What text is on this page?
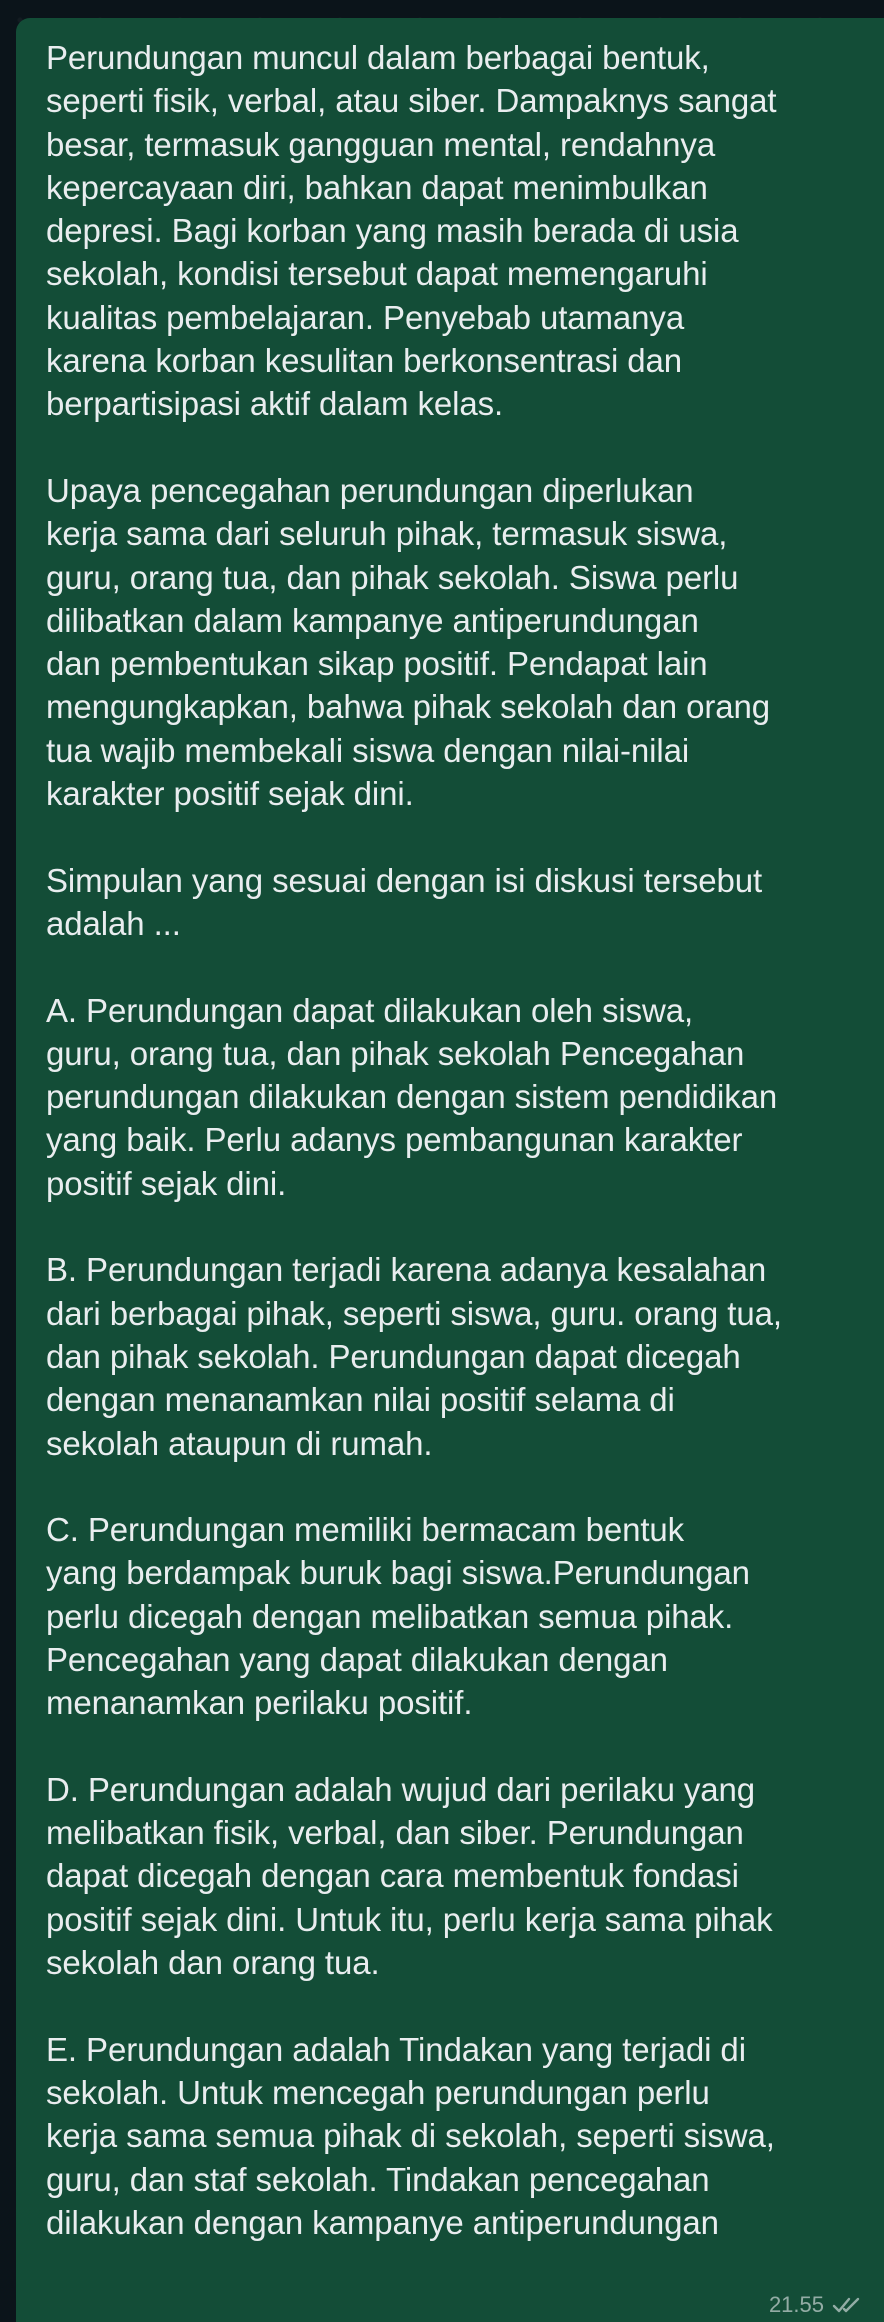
Perundungan muncul dalam berbagai bentuk,
seperti fisik, verbal, atau siber. Dampaknys sangat
besar, termasuk gangguan mental, rendahnya
kepercayaan diri, bahkan dapat menimbulkan
depresi. Bagi korban yang masih berada di usia
sekolah, kondisi tersebut dapat memengaruhi
kualitas pembelajaran. Penyebab utamanya
karena korban kesulitan berkonsentrasi dan
berpartisipasi aktif dalam kelas.

Upaya pencegahan perundungan diperlukan
kerja sama dari seluruh pihak, termasuk siswa,
guru, orang tua, dan pihak sekolah. Siswa perlu
dilibatkan dalam kampanye antiperundungan
dan pembentukan sikap positif. Pendapat lain
mengungkapkan, bahwa pihak sekolah dan orang
tua wajib membekali siswa dengan nilai-nilai
karakter positif sejak dini.

Simpulan yang sesuai dengan isi diskusi tersebut
adalah ...

A. Perundungan dapat dilakukan oleh siswa,
guru, orang tua, dan pihak sekolah Pencegahan
perundungan dilakukan dengan sistem pendidikan
yang baik. Perlu adanys pembangunan karakter
positif sejak dini.

B. Perundungan terjadi karena adanya kesalahan
dari berbagai pihak, seperti siswa, guru. orang tua,
dan pihak sekolah. Perundungan dapat dicegah
dengan menanamkan nilai positif selama di
sekolah ataupun di rumah.

C. Perundungan memiliki bermacam bentuk
yang berdampak buruk bagi siswa.Perundungan
perlu dicegah dengan melibatkan semua pihak.
Pencegahan yang dapat dilakukan dengan
menanamkan perilaku positif.

D. Perundungan adalah wujud dari perilaku yang
melibatkan fisik, verbal, dan siber. Perundungan
dapat dicegah dengan cara membentuk fondasi
positif sejak dini. Untuk itu, perlu kerja sama pihak
sekolah dan orang tua.

E. Perundungan adalah Tindakan yang terjadi di
sekolah. Untuk mencegah perundungan perlu
kerja sama semua pihak di sekolah, seperti siswa,
guru, dan staf sekolah. Tindakan pencegahan
dilakukan dengan kampanye antiperundungan

21.55
